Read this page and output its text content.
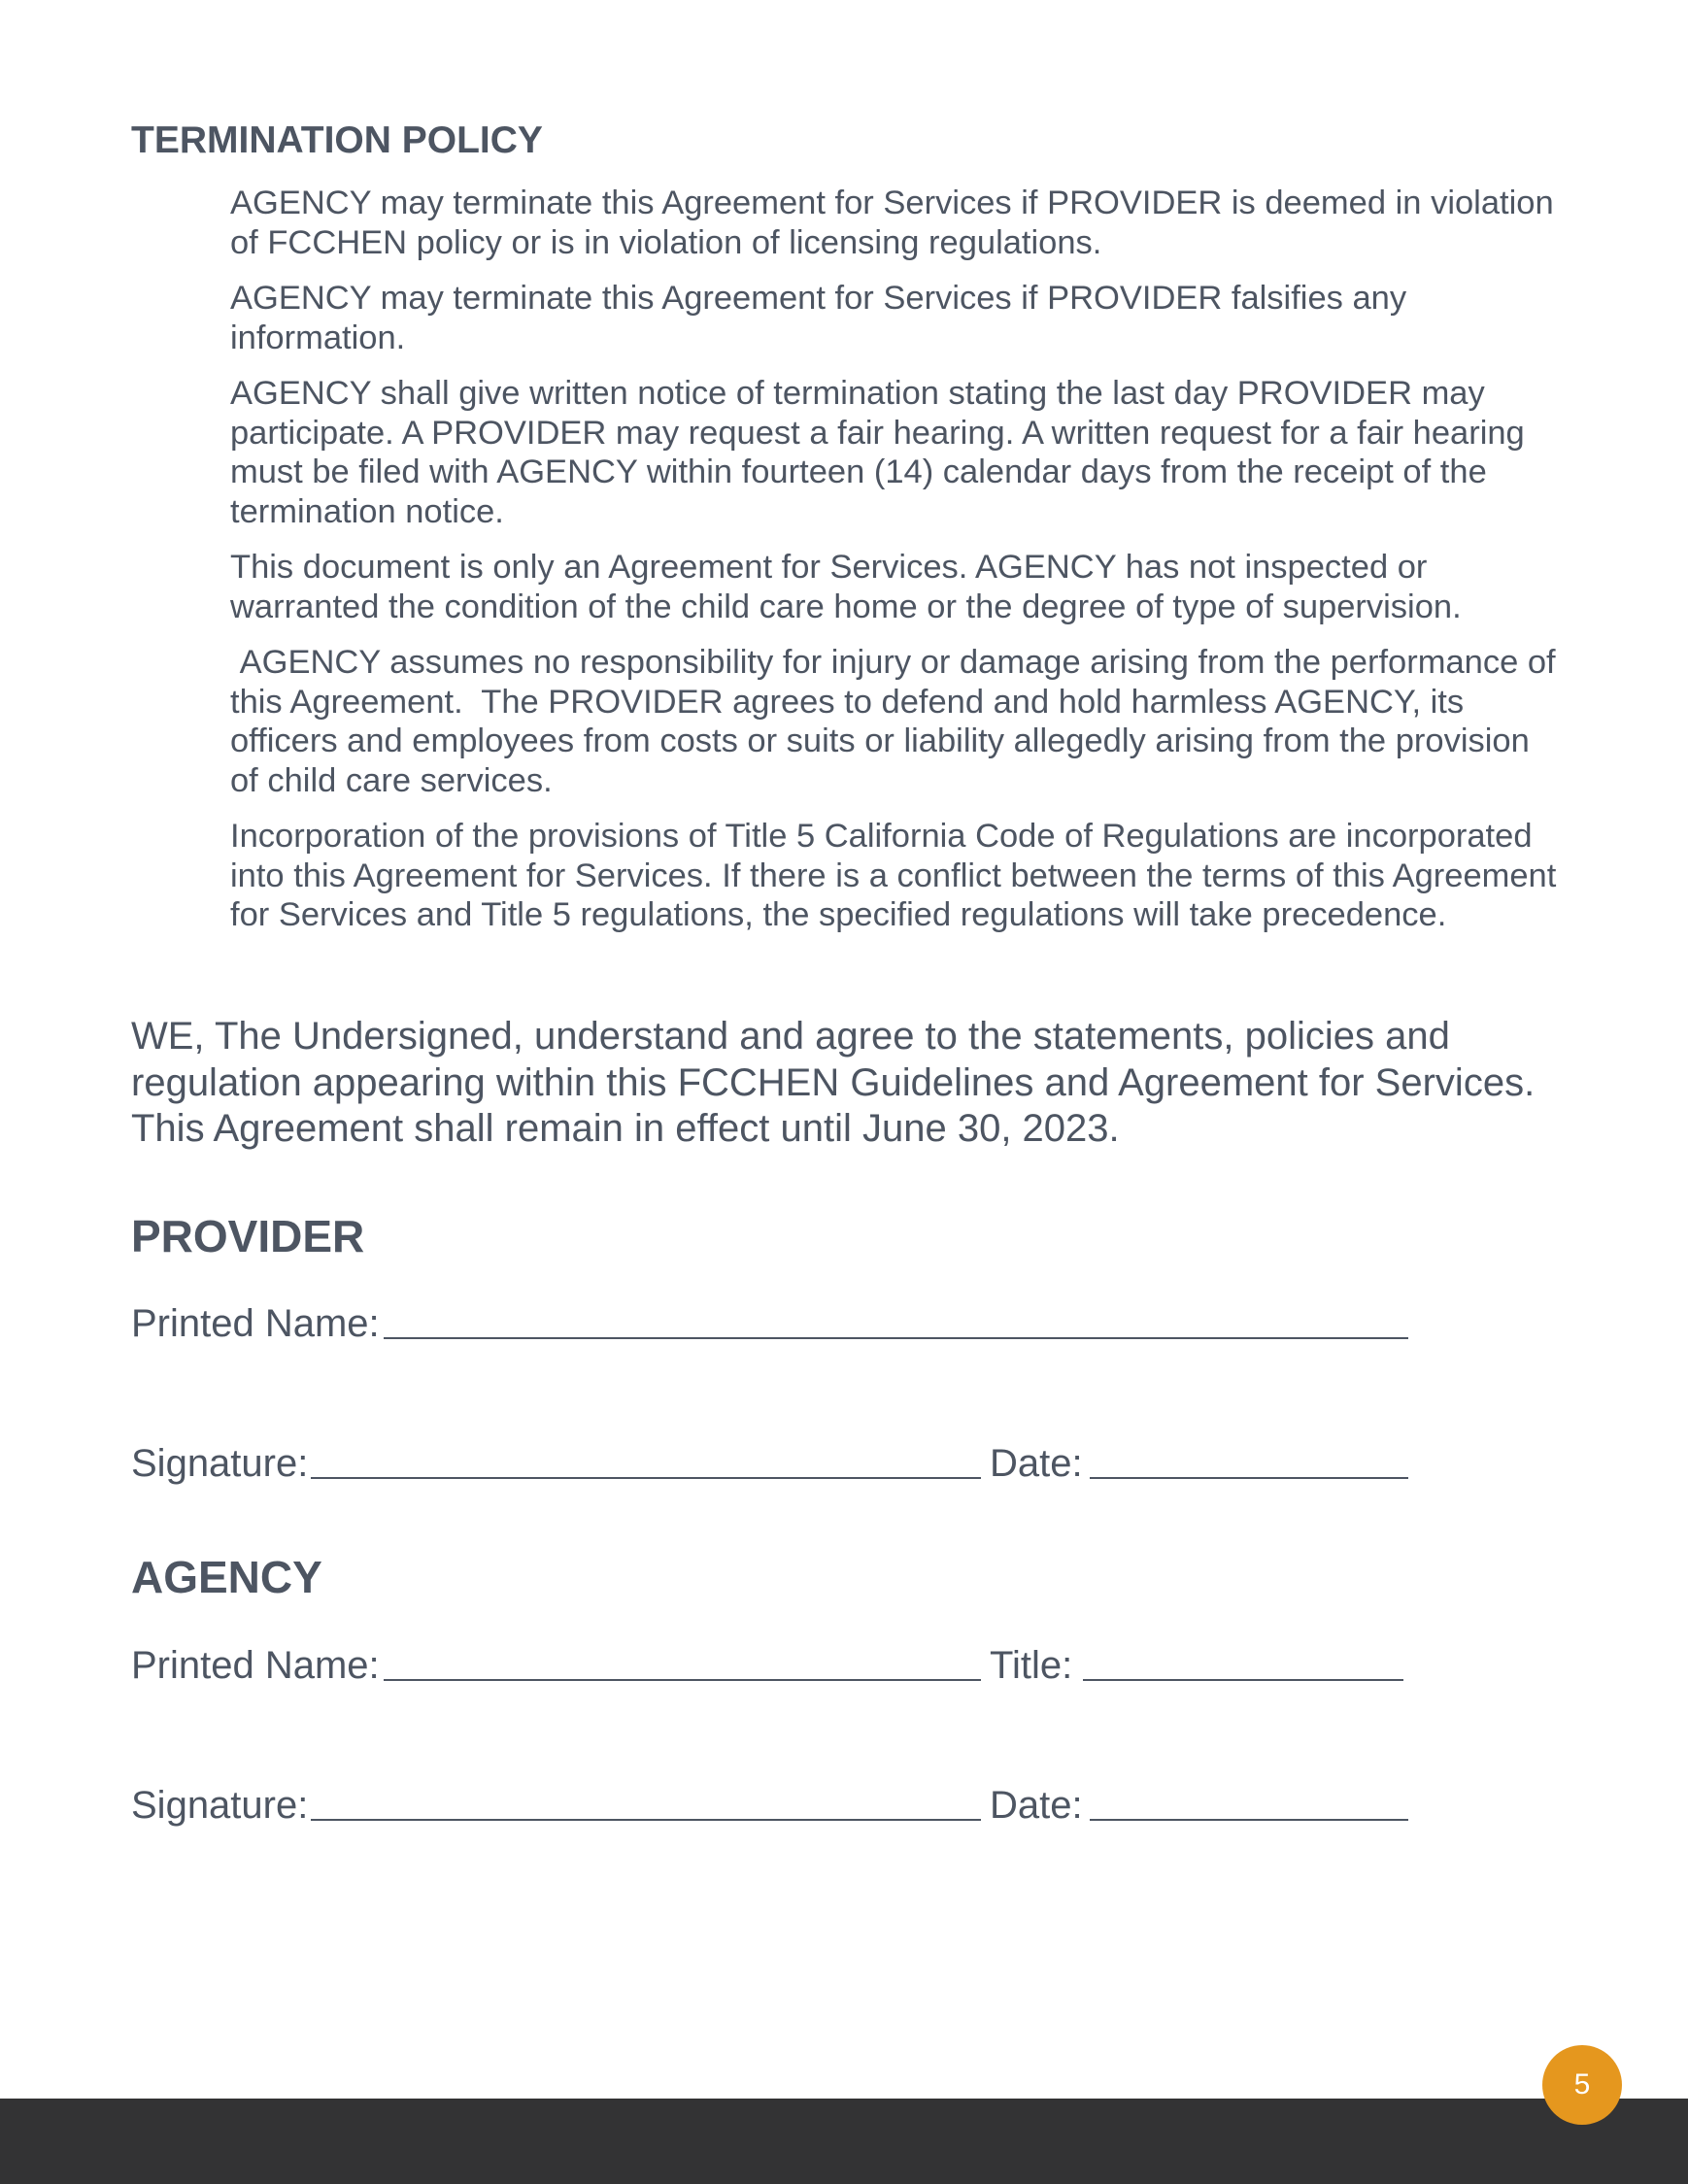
TERMINATION POLICY

AGENCY may terminate this Agreement for Services if PROVIDER is deemed in violation of FCCHEN policy or is in violation of licensing regulations.

AGENCY may terminate this Agreement for Services if PROVIDER falsifies any information.

AGENCY shall give written notice of termination stating the last day PROVIDER may participate. A PROVIDER may request a fair hearing. A written request for a fair hearing must be filed with AGENCY within fourteen (14) calendar days from the receipt of the termination notice.

This document is only an Agreement for Services. AGENCY has not inspected or warranted the condition of the child care home or the degree of type of supervision.

AGENCY assumes no responsibility for injury or damage arising from the performance of this Agreement.  The PROVIDER agrees to defend and hold harmless AGENCY, its officers and employees from costs or suits or liability allegedly arising from the provision of child care services.

Incorporation of the provisions of Title 5 California Code of Regulations are incorporated into this Agreement for Services. If there is a conflict between the terms of this Agreement for Services and Title 5 regulations, the specified regulations will take precedence.

WE, The Undersigned, understand and agree to the statements, policies and regulation appearing within this FCCHEN Guidelines and Agreement for Services. This Agreement shall remain in effect until June 30, 2023.

PROVIDER
Printed Name:
Signature:	Date:
AGENCY
Printed Name:	Title:
Signature:	Date:
5
